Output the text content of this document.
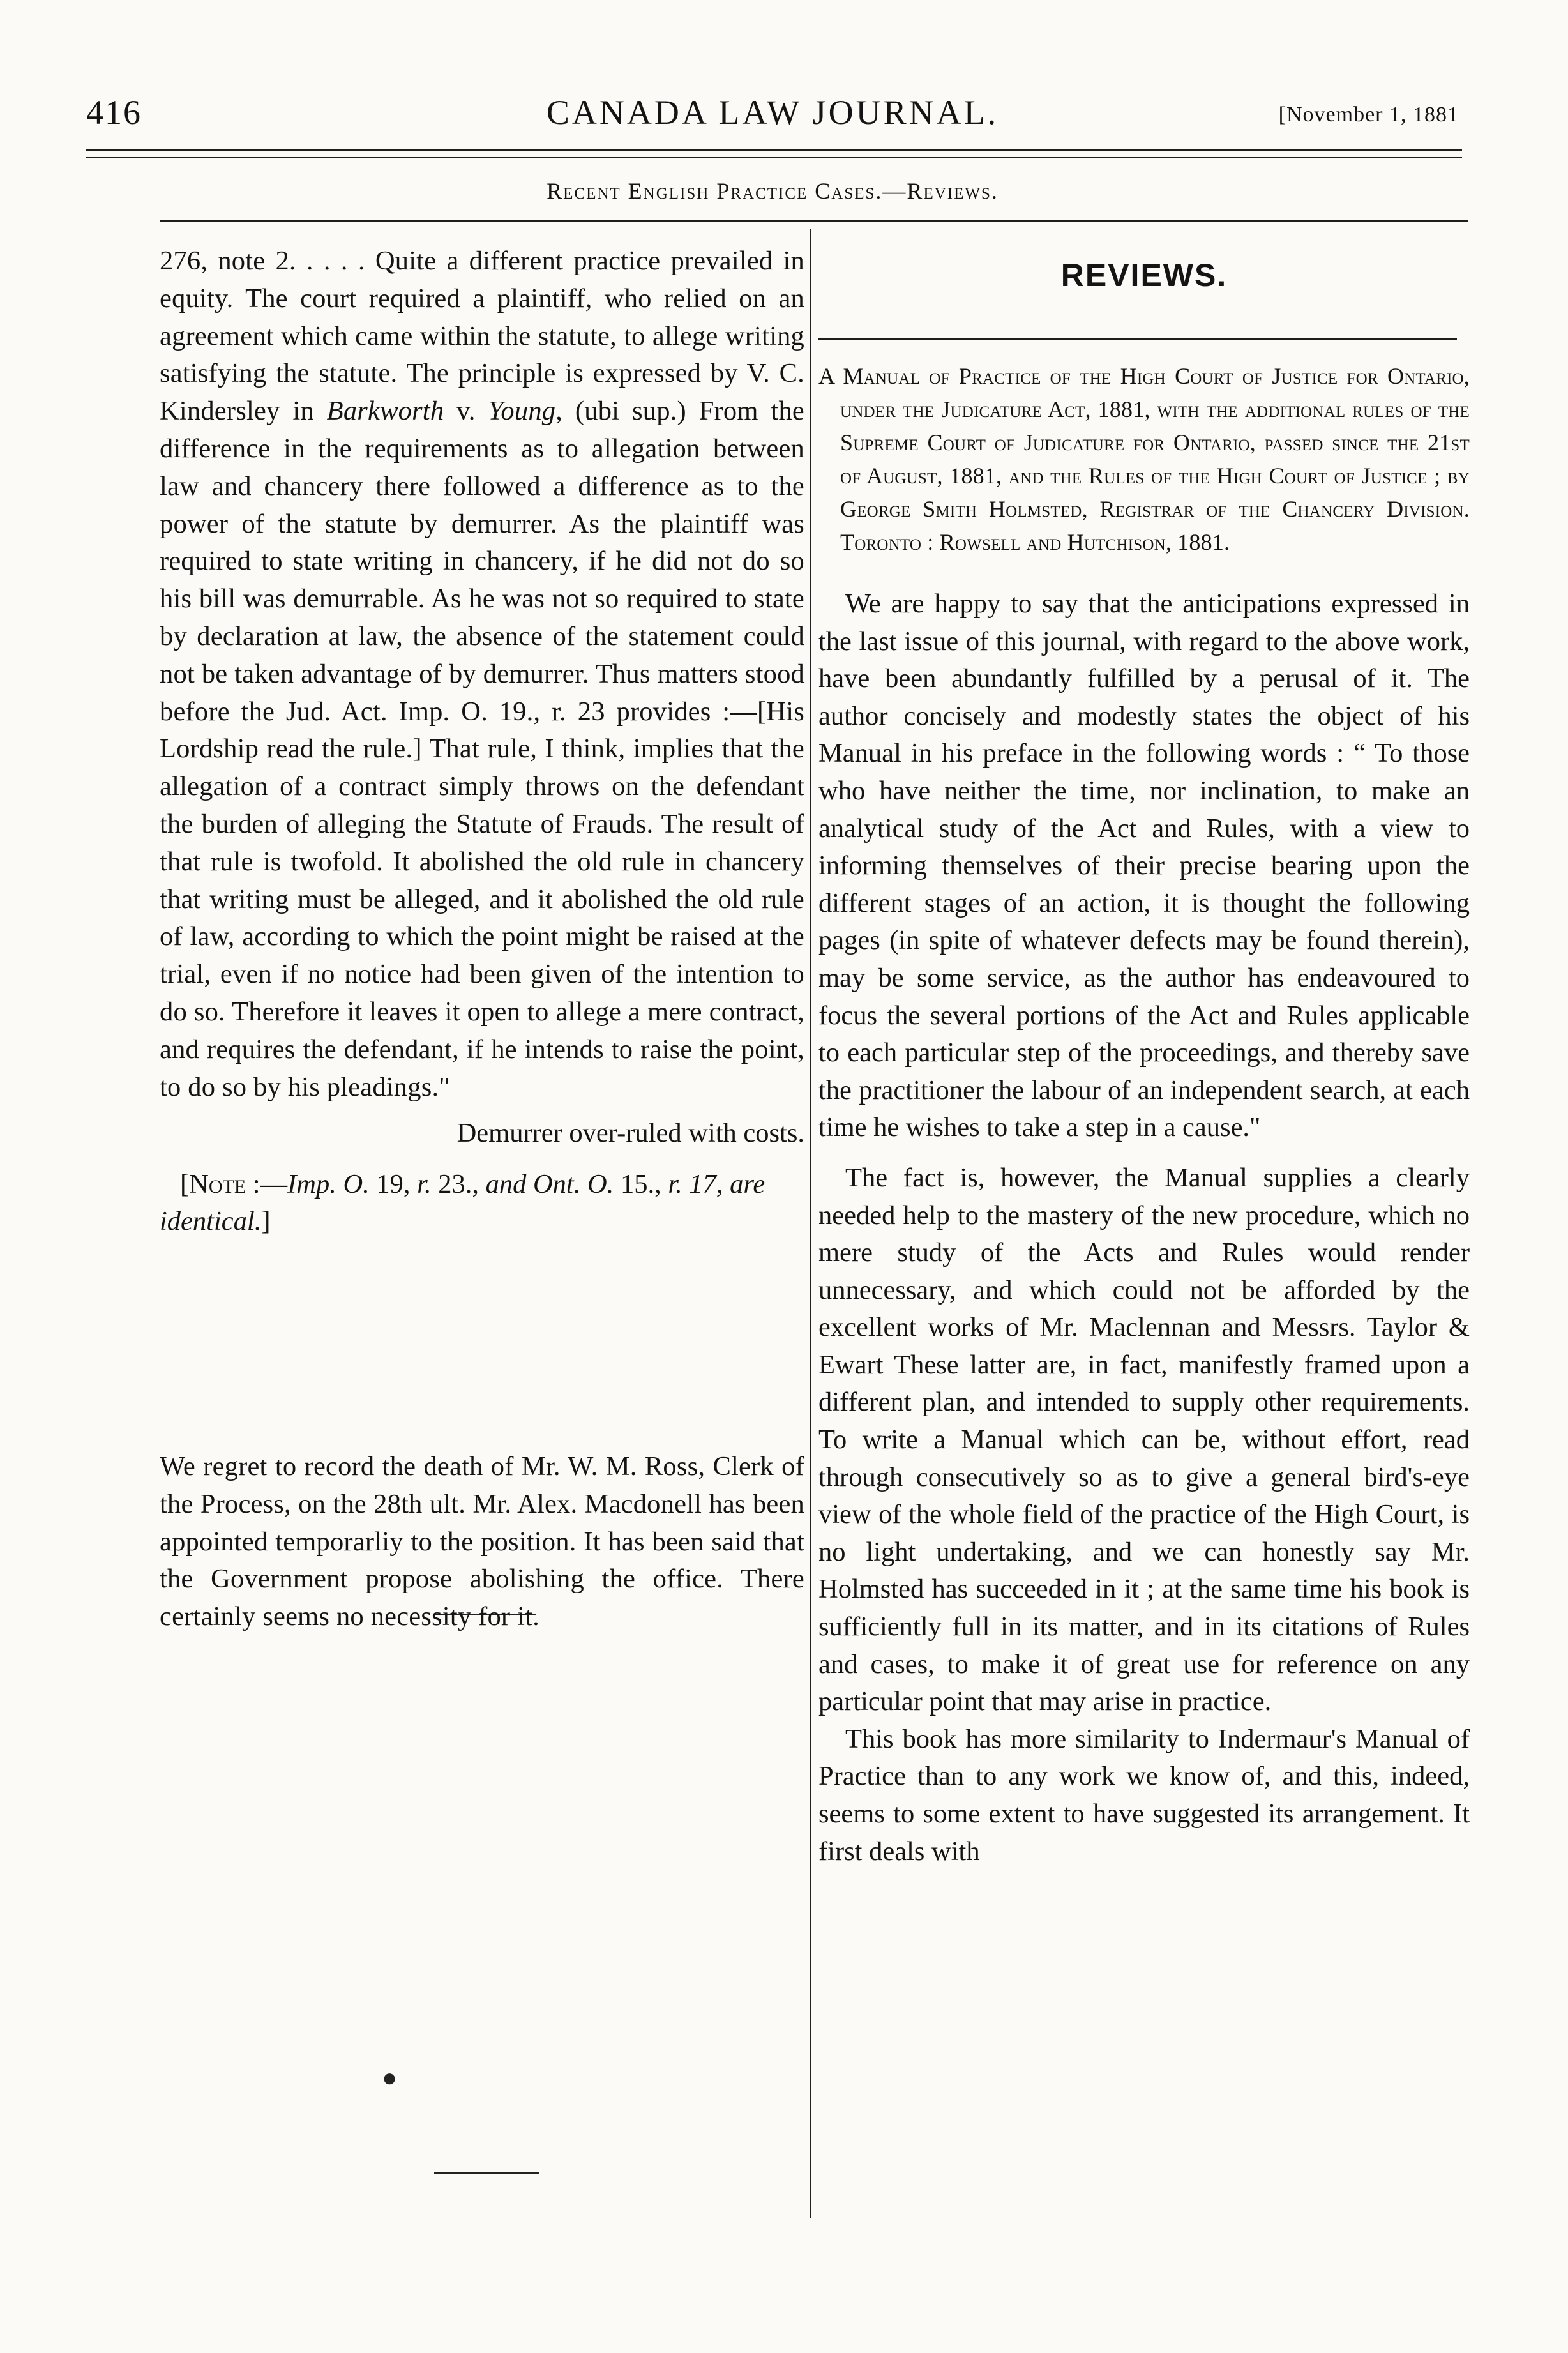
416	CANADA LAW JOURNAL.	[November 1, 1881
Recent English Practice Cases.—Reviews.

276, note 2. . . . . Quite a different practice prevailed in equity. The court required a plaintiff, who relied on an agreement which came within the statute, to allege writing satisfying the statute. The principle is expressed by V. C. Kindersley in Barkworth v. Young, (ubi sup.) From the difference in the requirements as to allegation between law and chancery there followed a difference as to the power of the statute by demurrer. As the plaintiff was required to state writing in chancery, if he did not do so his bill was demurrable. As he was not so required to state by declaration at law, the absence of the statement could not be taken advantage of by demurrer. Thus matters stood before the Jud. Act. Imp. O. 19., r. 23 provides :—[His Lordship read the rule.] That rule, I think, implies that the allegation of a contract simply throws on the defendant the burden of alleging the Statute of Frauds. The result of that rule is twofold. It abolished the old rule in chancery that writing must be alleged, and it abolished the old rule of law, according to which the point might be raised at the trial, even if no notice had been given of the intention to do so. Therefore it leaves it open to allege a mere contract, and requires the defendant, if he intends to raise the point, to do so by his pleadings."

Demurrer over-ruled with costs.

[Note :—Imp. O. 19, r. 23., and Ont. O. 15., r. 17, are identical.]

We regret to record the death of Mr. W. M. Ross, Clerk of the Process, on the 28th ult. Mr. Alex. Macdonell has been appointed temporarliy to the position. It has been said that the Government propose abolishing the office. There certainly seems no necessity for it.

●
REVIEWS.

A Manual of Practice of the High Court of Justice for Ontario, under the Judicature Act, 1881, with the additional rules of the Supreme Court of Judicature for Ontario, passed since the 21st of August, 1881, and the Rules of the High Court of Justice ; by George Smith Holmsted, Registrar of the Chancery Division. Toronto : Rowsell and Hutchison, 1881.

We are happy to say that the anticipations expressed in the last issue of this journal, with regard to the above work, have been abundantly fulfilled by a perusal of it. The author concisely and modestly states the object of his Manual in his preface in the following words : “ To those who have neither the time, nor inclination, to make an analytical study of the Act and Rules, with a view to informing themselves of their precise bearing upon the different stages of an action, it is thought the following pages (in spite of whatever defects may be found therein), may be some service, as the author has endeavoured to focus the several portions of the Act and Rules applicable to each particular step of the proceedings, and thereby save the practitioner the labour of an independent search, at each time he wishes to take a step in a cause."

The fact is, however, the Manual supplies a clearly needed help to the mastery of the new procedure, which no mere study of the Acts and Rules would render unnecessary, and which could not be afforded by the excellent works of Mr. Maclennan and Messrs. Taylor & Ewart These latter are, in fact, manifestly framed upon a different plan, and intended to supply other requirements. To write a Manual which can be, without effort, read through consecutively so as to give a general bird's-eye view of the whole field of the practice of the High Court, is no light undertaking, and we can honestly say Mr. Holmsted has succeeded in it ; at the same time his book is sufficiently full in its matter, and in its citations of Rules and cases, to make it of great use for reference on any particular point that may arise in practice.

This book has more similarity to Indermaur's Manual of Practice than to any work we know of, and this, indeed, seems to some extent to have suggested its arrangement. It first deals with
